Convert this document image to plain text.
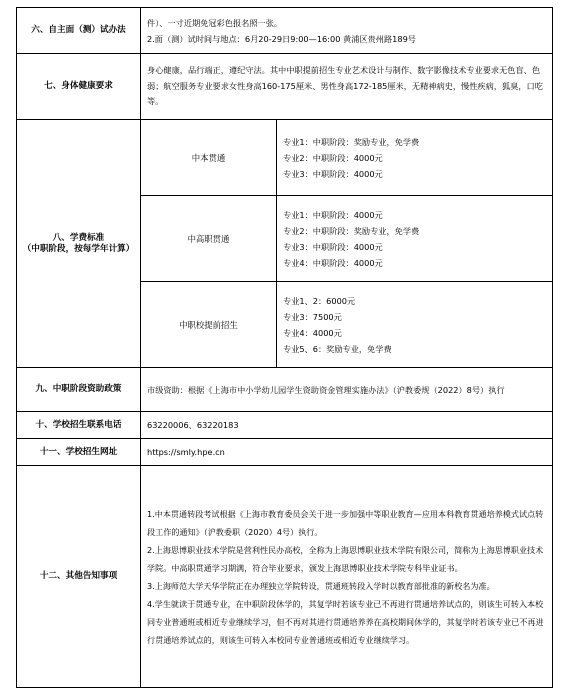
六、自主面（测）试办法	件）、一寸近期免冠彩色报名照一张。
2.面（测）试时间与地点：6月20-29日9:00—16:00 黄浦区贵州路189号	

七、身体健康要求	身心健康，品行端正，遵纪守法。其中中职提前招生专业艺术设计与制作、数字影像技术专业要求无色盲、色弱；航空服务专业要求女性身高160-175厘米、男性身高172-185厘米，无精神病史，慢性疾病，狐臭，口吃等。	

八、学费标准
（中职阶段，按每学年计算）	中本贯通	专业1：中职阶段：奖励专业，免学费
专业2：中职阶段：4000元
专业3：中职阶段：4000元

	中高职贯通	专业1：中职阶段：4000元
专业2：中职阶段：奖励专业，免学费
专业3：中职阶段：4000元
专业4：中职阶段：4000元

	中职校提前招生	专业1、2：6000元
专业3：7500元
专业4：4000元
专业5、6：奖励专业，免学费

九、中职阶段资助政策	市级资助：根据《上海市中小学幼儿园学生资助资金管理实施办法》（沪教委规（2022）8号）执行	
十、学校招生联系电话	63220006、63220183	
十一、学校招生网址	https://smly.hpe.cn	
十二、其他告知事项	1.中本贯通转段考试根据《上海市教育委员会关于进一步加强中等职业教育—应用本科教育贯通培养模式试点转段工作的通知》（沪教委职（2020）4号）执行。
2.上海思博职业技术学院是营利性民办高校，全称为上海思博职业技术学院有限公司，简称为上海思博职业技术学院。中高职贯通学习期满，符合毕业要求，颁发上海思博职业技术学院专科毕业证书。
3.上海师范大学天华学院正在办理独立学院转设，贯通班转段入学时以教育部批准的新校名为准。
4.学生就读于贯通专业，在中职阶段休学的，其复学时若该专业已不再进行贯通培养试点的，则该生可转入本校同专业普通班或相近专业继续学习，但不再对其进行贯通培养养在高校期间休学的，其复学时若该专业已不再进行贯通培养试点的，则该生可转入本校同专业普通班或相近专业继续学习。	
